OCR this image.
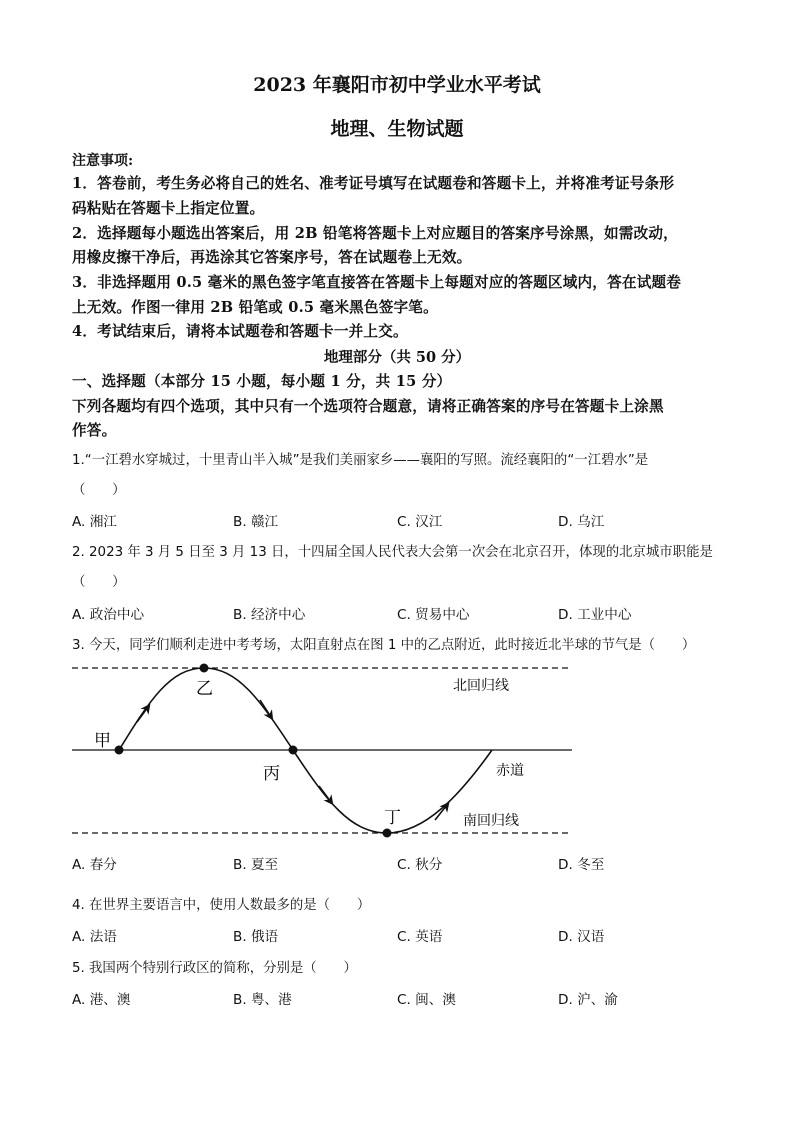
2023 年襄阳市初中学业水平考试
地理、生物试题
注意事项:
1．答卷前，考生务必将自己的姓名、准考证号填写在试题卷和答题卡上，并将准考证号条形
码粘贴在答题卡上指定位置。
2．选择题每小题选出答案后，用 2B 铅笔将答题卡上对应题目的答案序号涂黑，如需改动，
用橡皮擦干净后，再选涂其它答案序号，答在试题卷上无效。
3．非选择题用 0.5 毫米的黑色签字笔直接答在答题卡上每题对应的答题区域内，答在试题卷
上无效。作图一律用 2B 铅笔或 0.5 毫米黑色签字笔。
4．考试结束后，请将本试题卷和答题卡一并上交。
地理部分（共 50 分）
一、选择题（本部分 15 小题，每小题 1 分，共 15 分）
下列各题均有四个选项，其中只有一个选项符合题意，请将正确答案的序号在答题卡上涂黑
作答。
1.“一江碧水穿城过，十里青山半入城”是我们美丽家乡——襄阳的写照。流经襄阳的“一江碧水”是
（　　）
A. 湘江	B. 赣江	C. 汉江	D. 乌江
2. 2023 年 3 月 5 日至 3 月 13 日，十四届全国人民代表大会第一次会在北京召开，体现的北京城市职能是
（　　）
A. 政治中心	B. 经济中心	C. 贸易中心	D. 工业中心
3. 今天，同学们顺利走进中考考场，太阳直射点在图 1 中的乙点附近，此时接近北半球的节气是（　　）
甲
乙
丙
丁
北回归线
赤道
南回归线
A. 春分	B. 夏至	C. 秋分	D. 冬至
4. 在世界主要语言中，使用人数最多的是（　　）
A. 法语	B. 俄语	C. 英语	D. 汉语
5. 我国两个特别行政区的简称，分别是（　　）
A. 港、澳	B. 粤、港	C. 闽、澳	D. 沪、渝
